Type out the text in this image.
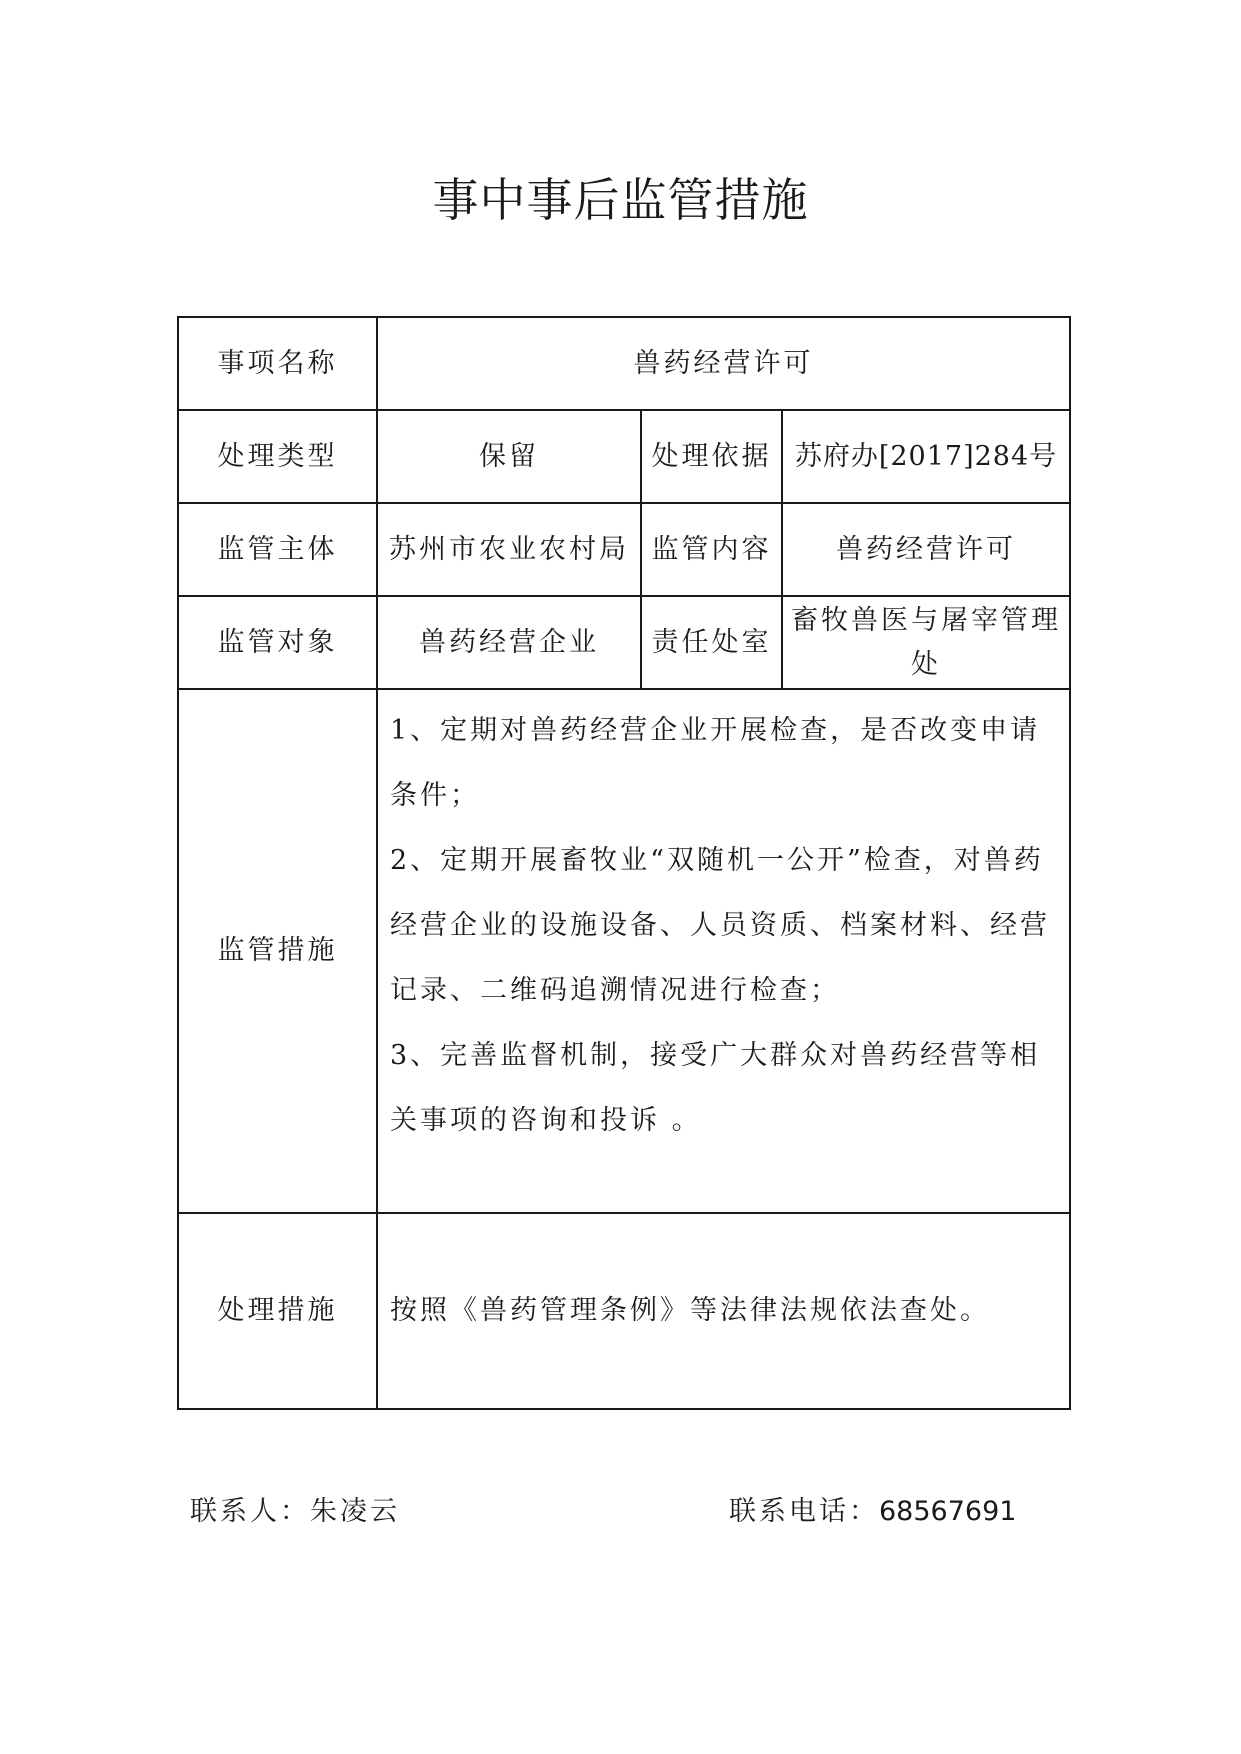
事中事后监管措施
事项名称	兽药经营许可		
处理类型	保留	处理依据	苏府办[2017]284号
监管主体	苏州市农业农村局	监管内容	兽药经营许可
监管对象	兽药经营企业	责任处室	畜牧兽医与屠宰管理处
监管措施	1、定期对兽药经营企业开展检查，是否改变申请条件；
2、定期开展畜牧业“双随机一公开”检查，对兽药经营企业的设施设备、人员资质、档案材料、经营记录、二维码追溯情况进行检查；
3、完善监督机制，接受广大群众对兽药经营等相关事项的咨询和投诉 。		

处理措施	按照《兽药管理条例》等法律法规依法查处。		
联系人：朱凌云	联系电话：68567691
